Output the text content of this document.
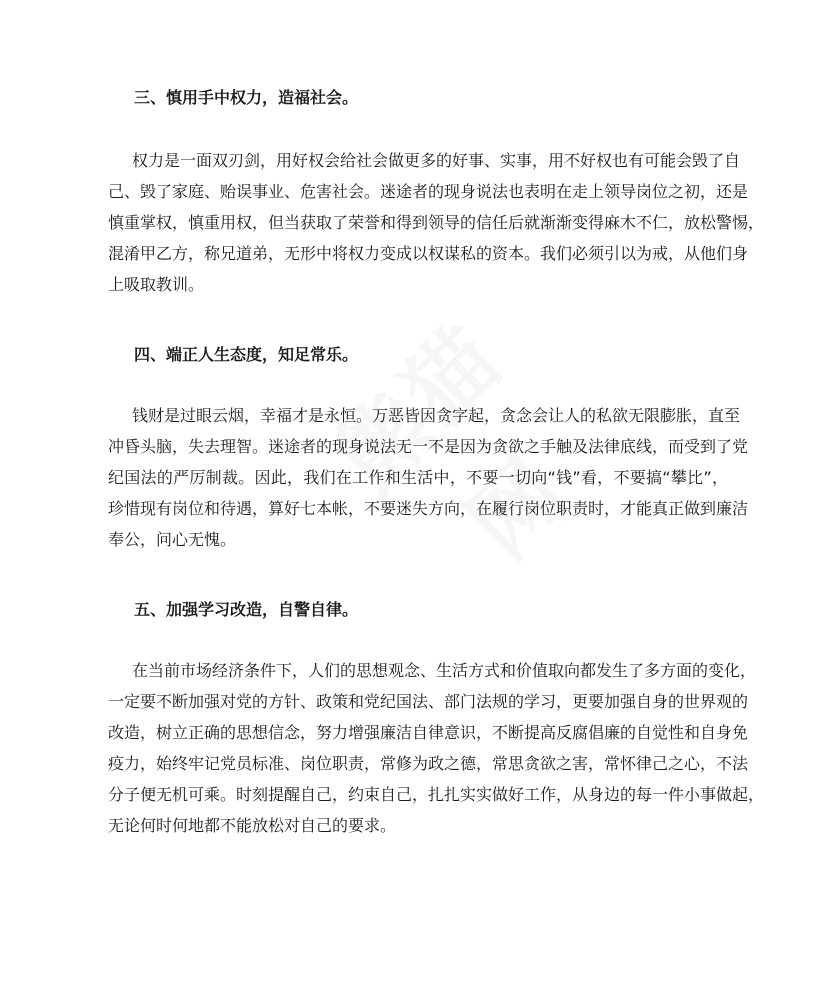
三、慎用手中权力，造福社会。
权力是一面双刃剑，用好权会给社会做更多的好事、实事，用不好权也有可能会毁了自
己、毁了家庭、贻误事业、危害社会。迷途者的现身说法也表明在走上领导岗位之初，还是
慎重掌权，慎重用权，但当获取了荣誉和得到领导的信任后就渐渐变得麻木不仁，放松警惕，
混淆甲乙方，称兄道弟，无形中将权力变成以权谋私的资本。我们必须引以为戒，从他们身
上吸取教训。
四、端正人生态度，知足常乐。
钱财是过眼云烟，幸福才是永恒。万恶皆因贪字起，贪念会让人的私欲无限膨胀，直至
冲昏头脑，失去理智。迷途者的现身说法无一不是因为贪欲之手触及法律底线，而受到了党
纪国法的严厉制裁。因此，我们在工作和生活中，不要一切向“钱”看，不要搞“攀比”，
珍惜现有岗位和待遇，算好七本帐，不要迷失方向，在履行岗位职责时，才能真正做到廉洁
奉公，问心无愧。
五、加强学习改造，自警自律。
在当前市场经济条件下，人们的思想观念、生活方式和价值取向都发生了多方面的变化，
一定要不断加强对党的方针、政策和党纪国法、部门法规的学习，更要加强自身的世界观的
改造，树立正确的思想信念，努力增强廉洁自律意识，不断提高反腐倡廉的自觉性和自身免
疫力，始终牢记党员标准、岗位职责，常修为政之德，常思贪欲之害，常怀律己之心，不法
分子便无机可乘。时刻提醒自己，约束自己，扎扎实实做好工作，从身边的每一件小事做起，
无论何时何地都不能放松对自己的要求。
